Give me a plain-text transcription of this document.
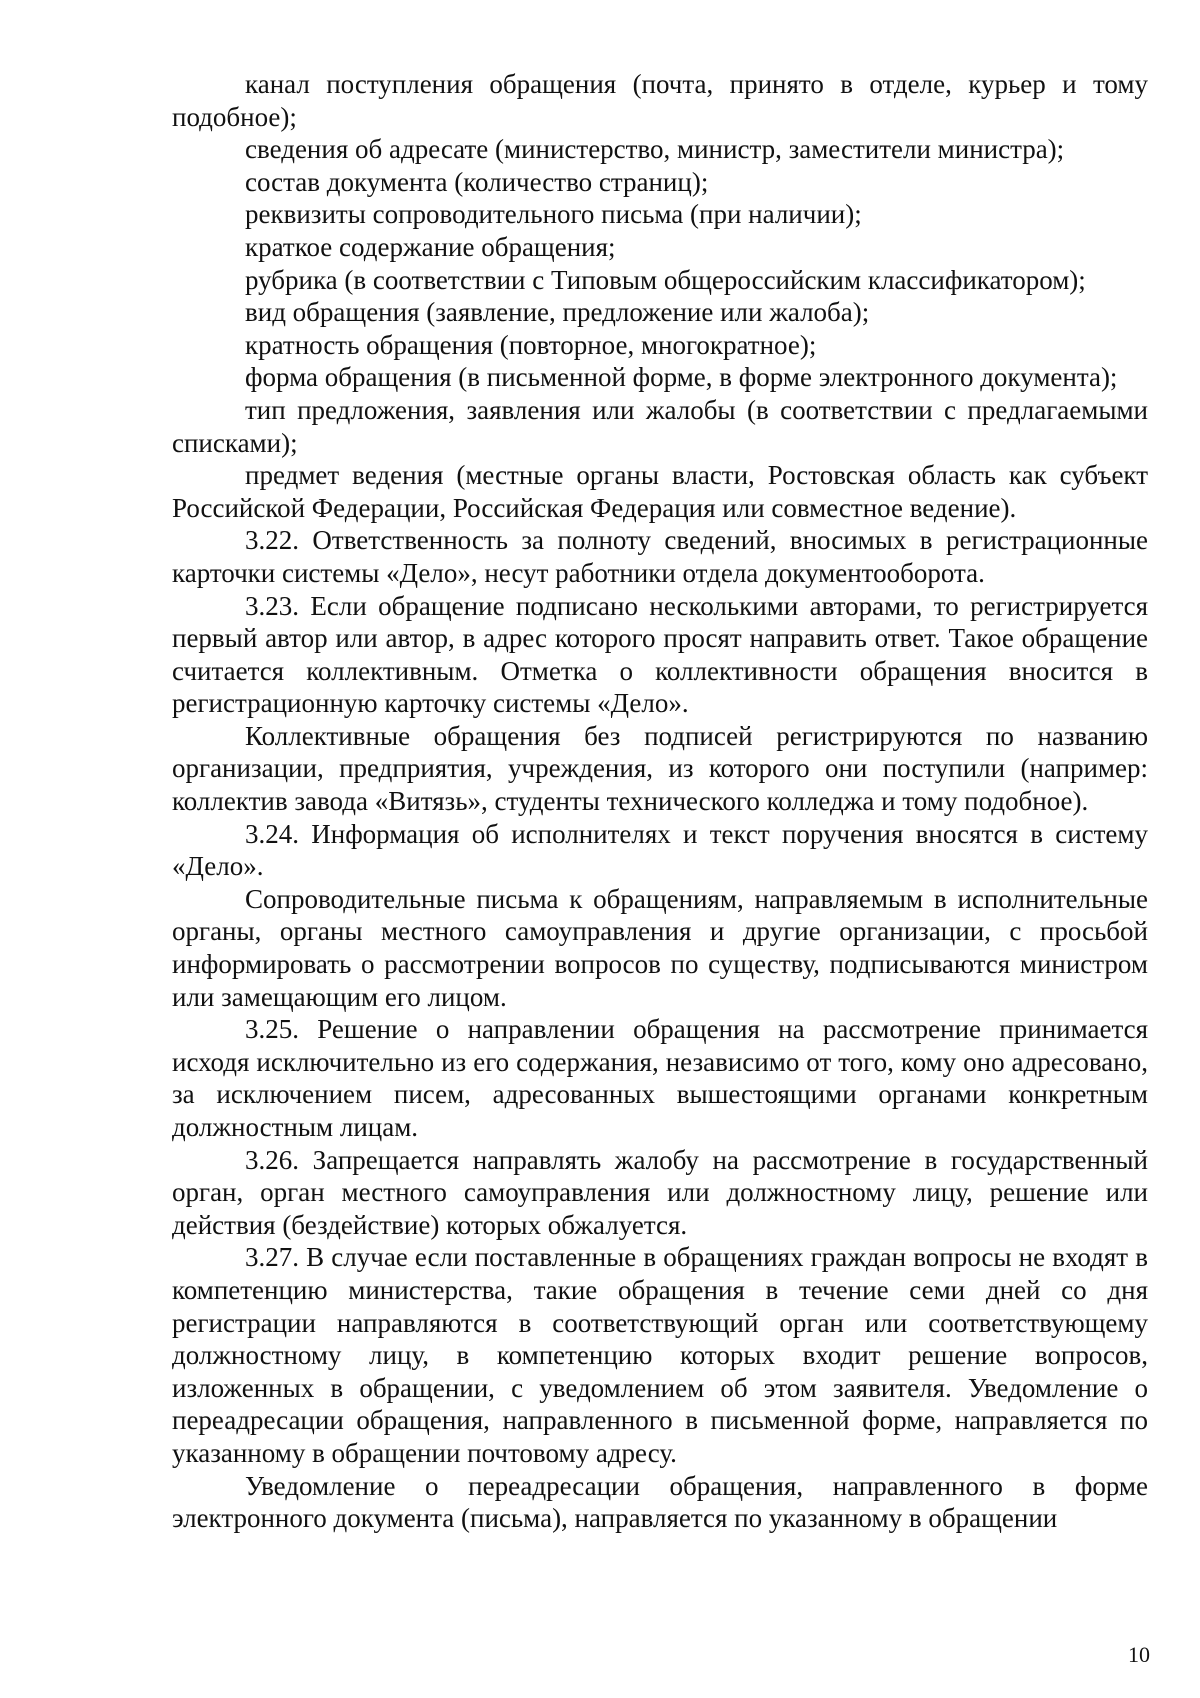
канал поступления обращения (почта, принято в отделе, курьер и тому подобное);

сведения об адресате (министерство, министр, заместители министра);

состав документа (количество страниц);

реквизиты сопроводительного письма (при наличии);

краткое содержание обращения;

рубрика (в соответствии с Типовым общероссийским классификатором);

вид обращения (заявление, предложение или жалоба);

кратность обращения (повторное, многократное);

форма обращения (в письменной форме, в форме электронного документа);

тип предложения, заявления или жалобы (в соответствии с предлагаемыми списками);

предмет ведения (местные органы власти, Ростовская область как субъект Российской Федерации, Российская Федерация или совместное ведение).

3.22. Ответственность за полноту сведений, вносимых в регистрационные карточки системы «Дело», несут работники отдела документооборота.

3.23. Если обращение подписано несколькими авторами, то регистрируется первый автор или автор, в адрес которого просят направить ответ. Такое обращение считается коллективным. Отметка о коллективности обращения вносится в регистрационную карточку системы «Дело».

Коллективные обращения без подписей регистрируются по названию организации, предприятия, учреждения, из которого они поступили (например: коллектив завода «Витязь», студенты технического колледжа и тому подобное).

3.24. Информация об исполнителях и текст поручения вносятся в систему «Дело».

Сопроводительные письма к обращениям, направляемым в исполнительные органы, органы местного самоуправления и другие организации, с просьбой информировать о рассмотрении вопросов по существу, подписываются министром или замещающим его лицом.

3.25. Решение о направлении обращения на рассмотрение принимается исходя исключительно из его содержания, независимо от того, кому оно адресовано, за исключением писем, адресованных вышестоящими органами конкретным должностным лицам.

3.26. Запрещается направлять жалобу на рассмотрение в государственный орган, орган местного самоуправления или должностному лицу, решение или действия (бездействие) которых обжалуется.

3.27. В случае если поставленные в обращениях граждан вопросы не входят в компетенцию министерства, такие обращения в течение семи дней со дня регистрации направляются в соответствующий орган или соответствующему должностному лицу, в компетенцию которых входит решение вопросов, изложенных в обращении, с уведомлением об этом заявителя. Уведомление о переадресации обращения, направленного в письменной форме, направляется по указанному в обращении почтовому адресу.

Уведомление о переадресации обращения, направленного в форме электронного документа (письма), направляется по указанному в обращении

10
